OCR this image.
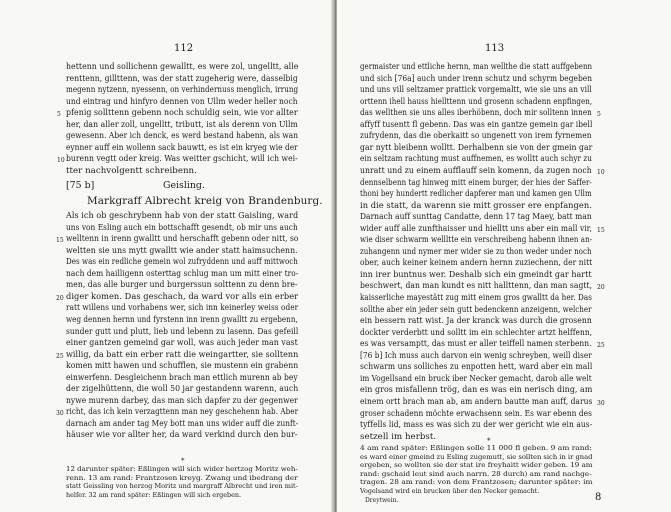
112
hettenn und sollichenn gewalltt, es were zol, ungelltt, alle
renttenn, gillttenn, was der statt zugeherig were, dasselbig
megenn nytzenn, nyessenn, on verhindernuss menglich, irrung
und eintrag und hinfyro dennen von Ullm weder heller noch
pfenig sollttenn gebenn noch schuldig sein, wie vor allter
her, dan aller zoll, ungelltt, tributt, ist als derenn von Ullm
gewesenn. Aber ich denck, es werd bestand habenn, als wan
eynner auff ein wollenn sack bauwtt, es ist ein kryeg wie der
burenn vegtt oder kreig. Was weitter gschicht, will ich wei-
tter nachvolgentt schreibenn.
5
10
[75 b]	Geisling.
Markgraff Albrecht kreig von Brandenburg.
Als ich ob geschrybenn hab von der statt Gaisling, ward
uns von Esling auch ein bottschafft gesendt, ob mir uns auch
welltenn in irenn gwalltt und herschafft gebenn oder nitt, so
weltten sie uns mytt gwalltt wie ander statt haimsuchenn.
Des was ein redliche gemein wol zufryddenn und auff mittwoch
nach dem hailligenn osterttag schlug man um mitt einer tro-
men, das alle burger und burgerssun solttenn zu denn bre-
diger komen. Das geschach, da ward vor alls ein erber
ratt willens und vorhabens wer, sich inn keinerley weiss oder
weg dennen hernn und fyrstenn inn irenn gwalltt zu ergebenn,
sunder gutt und plutt, lieb und lebenn zu lasenn. Das gefeill
einer gantzen gemeind gar woll, was auch jeder man vast
willig, da batt ein erber ratt die weingartter, sie solltenn
komen mitt hawen und schufflen, sie mustenn ein grabenn
einwerfenn. Desgleichenn brach man ettlich murenn ab bey
der zigelhüttenn, die woll 50 jar gestandenn warenn, auch
nywe murenn darbey, das man sich dapfer zu der gegenwer
richt, das ich kein verzagttenn man ney geschehenn hab. Aber
darnach am ander tag Mey bott man uns wider auff die zunft-
häuser wie vor allter her, da ward verkind durch den bur-
15
20
25
30
*
12 darunter später: Eßlingen will sich wider hertzog Moritz weh-
renn. 13 am rand: Frantzosen kreyg. Zwang und ibedrang der
statt Geissling von herzog Moritz und margraff Albrecht und iren mit-
helfer. 32 am rand später: Eßlingen will sich ergeben.
113
germaister und ettliche hernn, man wellthe die statt auffgebenn
und sich [76a] auch under irenn schutz und schyrm begeben
und uns vill seltzamer prattick vorgemaltt, wie sie uns an vill
orttenn ihell hauss hiellttenn und grosenn schadenn enpfingen,
das wellthen sie uns alles iberhöbenn, doch mir solltenn innen
affyff tusentt fl gebenn. Das was ein gantze gemein gar ibell
zufrydenn, das die oberkaitt so ungenett von irem fyrnemen
gar nytt bleibenn wolltt. Derhalbenn sie von der gmein gar
ein seltzam rachtung must auffnemen, es wolltt auch schyr zu
unratt und zu einem aufflauff sein komenn, da zugen noch
dennselbenn tag hinweg mitt einem burger, der hies der Saffer-
thoni bey hundertt redlicher dapferer man und kamen gen Ullm
in die statt, da warenn sie mitt grosser ere enpfangen.
Darnach auff sunttag Candatte, denn 17 tag Maey, batt man
wider auff alle zunfthaisser und hielltt uns aber ein mall vir,
wie diser schwarm wellltte ein verschreibeng habenn ihnen an-
zuhangenn und nymer mer wider sie zu thon weder under noch
ober, auch keiner keinem andern hernn zuziechenn, der nitt
inn irer buntnus wer. Deshalb sich ein gmeindt gar hartt
beschwert, dan man kundt es nitt hallttenn, dan man sagtt,
kaisserliche mayestätt zug mitt einem gros gwalltt da her. Das
sollthe aber ein jeder sein gutt bedenckenn anzeigenn, welcher
ein bessern ratt wist. Ja der kranck was durch die grosenn
dockter verderbtt und solltt im ein schlechter artzt helffenn,
es was versamptt, das must er aller teiffell namen sterbenn.
[76 b] Ich muss auch darvon ein wenig schreyben, weill diser
schwarm uns solliches zu enpotten hett, ward aber ein mall
im Vogellsand ein bruck iber Necker gemacht, darob alle welt
ein gros misfallenn trög, dan es was ein nerisch ding, am
einem ortt brach man ab, am andern bautte man auff, darus
groser schadenn möchte erwachsenn sein. Es war ebenn des
tyffells lid, mass es was sich zu der wer gericht wie ein aus-
setzell im herbst.
5
10
15
20
25
30
*
4 am rand später: Eßlingen solle 11 000 fl geben. 9 am rand:
es ward einer gmeind zu Esling zugemutt, sie sollten sich in ir gnad
ergeben, so wollten sie der stat ire freyhaitt wider geben. 19 am
rand: gschaid leut sind auch narrn. 28 durch) am rand nachge-
tragen. 28 am rand: von dem Frantzosen; darunter später: im
Vogelsand wird ein brucken über den Necker gemacht.
Dreytwein.	8
